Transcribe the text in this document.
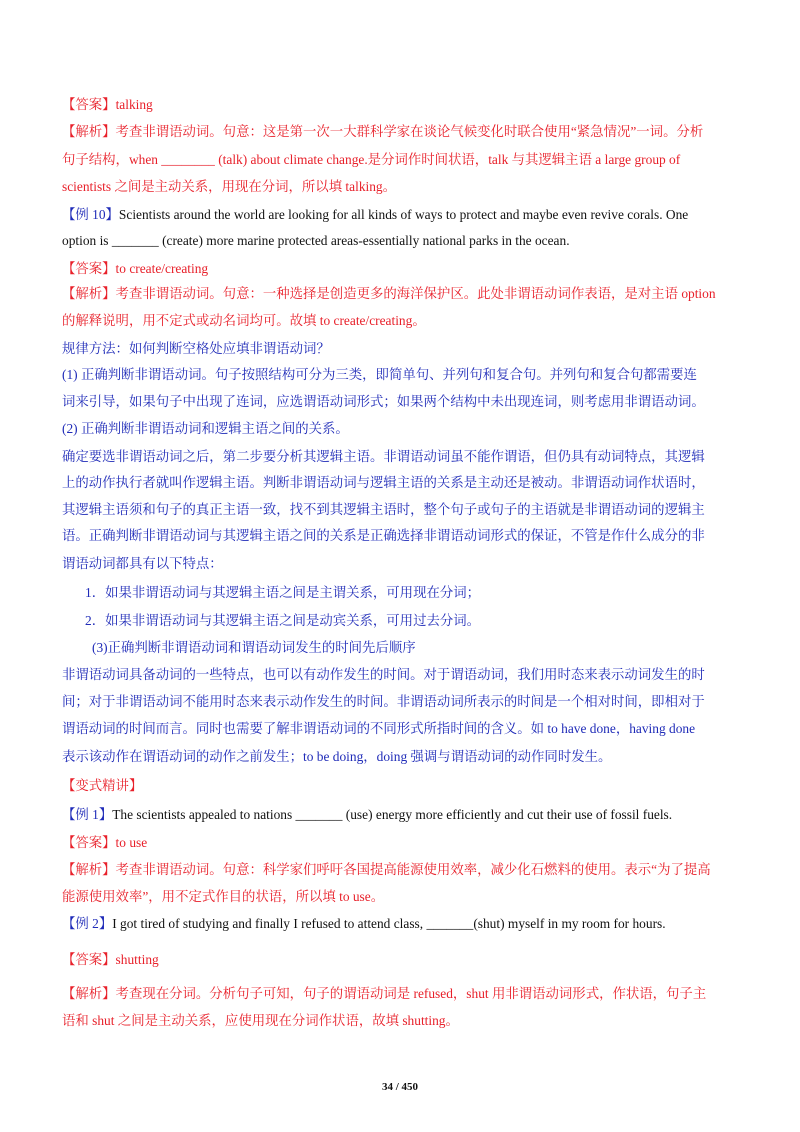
【答案】talking
【解析】考查非谓语动词。句意：这是第一次一大群科学家在谈论气候变化时联合使用“紧急情况”一词。分析
句子结构，when ________ (talk) about climate change.是分词作时间状语，talk 与其逻辑主语 a large group of
scientists 之间是主动关系，用现在分词，所以填 talking。
【例 10】Scientists around the world are looking for all kinds of ways to protect and maybe even revive corals. One
option is _______ (create) more marine protected areas-essentially national parks in the ocean.
【答案】to create/creating
【解析】考查非谓语动词。句意：一种选择是创造更多的海洋保护区。此处非谓语动词作表语，是对主语 option
的解释说明，用不定式或动名词均可。故填 to create/creating。
规律方法：如何判断空格处应填非谓语动词？
(1) 正确判断非谓语动词。句子按照结构可分为三类，即简单句、并列句和复合句。并列句和复合句都需要连
词来引导，如果句子中出现了连词，应选谓语动词形式；如果两个结构中未出现连词，则考虑用非谓语动词。
(2) 正确判断非谓语动词和逻辑主语之间的关系。
确定要选非谓语动词之后，第二步要分析其逻辑主语。非谓语动词虽不能作谓语，但仍具有动词特点，其逻辑
上的动作执行者就叫作逻辑主语。判断非谓语动词与逻辑主语的关系是主动还是被动。非谓语动词作状语时，
其逻辑主语须和句子的真正主语一致，找不到其逻辑主语时，整个句子或句子的主语就是非谓语动词的逻辑主
语。正确判断非谓语动词与其逻辑主语之间的关系是正确选择非谓语动词形式的保证，不管是作什么成分的非
谓语动词都具有以下特点：
1．如果非谓语动词与其逻辑主语之间是主谓关系，可用现在分词；
2．如果非谓语动词与其逻辑主语之间是动宾关系，可用过去分词。
(3)正确判断非谓语动词和谓语动词发生的时间先后顺序
非谓语动词具备动词的一些特点，也可以有动作发生的时间。对于谓语动词，我们用时态来表示动词发生的时
间；对于非谓语动词不能用时态来表示动作发生的时间。非谓语动词所表示的时间是一个相对时间，即相对于
谓语动词的时间而言。同时也需要了解非谓语动词的不同形式所指时间的含义。如 to have done，having done
表示该动作在谓语动词的动作之前发生；to be doing，doing 强调与谓语动词的动作同时发生。
【变式精讲】
【例 1】The scientists appealed to nations _______ (use) energy more efficiently and cut their use of fossil fuels.
【答案】to use
【解析】考查非谓语动词。句意：科学家们呼吁各国提高能源使用效率，减少化石燃料的使用。表示“为了提高
能源使用效率”，用不定式作目的状语，所以填 to use。
【例 2】I got tired of studying and finally I refused to attend class, _______(shut) myself in my room for hours.
【答案】shutting
【解析】考查现在分词。分析句子可知，句子的谓语动词是 refused，shut 用非谓语动词形式，作状语，句子主
语和 shut 之间是主动关系，应使用现在分词作状语，故填 shutting。
34 / 450
